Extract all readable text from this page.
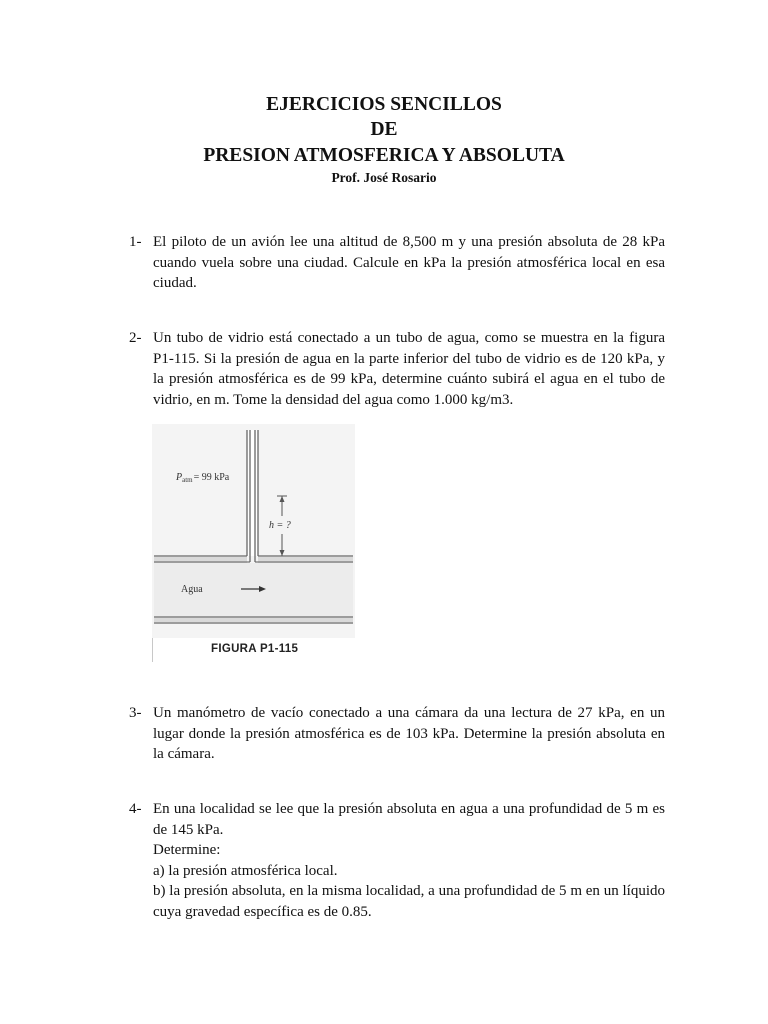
EJERCICIOS SENCILLOS
DE
PRESION ATMOSFERICA Y ABSOLUTA
Prof. José Rosario
1- El piloto de un avión lee una altitud de 8,500 m y una presión absoluta de 28 kPa cuando vuela sobre una ciudad. Calcule en kPa la presión atmosférica local en esa ciudad.
2- Un tubo de vidrio está conectado a un tubo de agua, como se muestra en la figura P1-115. Si la presión de agua en la parte inferior del tubo de vidrio es de 120 kPa, y la presión atmosférica es de 99 kPa, determine cuánto subirá el agua en el tubo de vidrio, en m. Tome la densidad del agua como 1.000 kg/m3.
h = ?
$P_{atm}= 99$ kPa
Agua
FIGURA P1-115
3- Un manómetro de vacío conectado a una cámara da una lectura de 27 kPa, en un lugar donde la presión atmosférica es de 103 kPa. Determine la presión absoluta en la cámara.
4- En una localidad se lee que la presión absoluta en agua a una profundidad de 5 m es de 145 kPa.
Determine:
a) la presión atmosférica local.
b) la presión absoluta, en la misma localidad, a una profundidad de 5 m en un líquido cuya gravedad específica es de 0.85.
